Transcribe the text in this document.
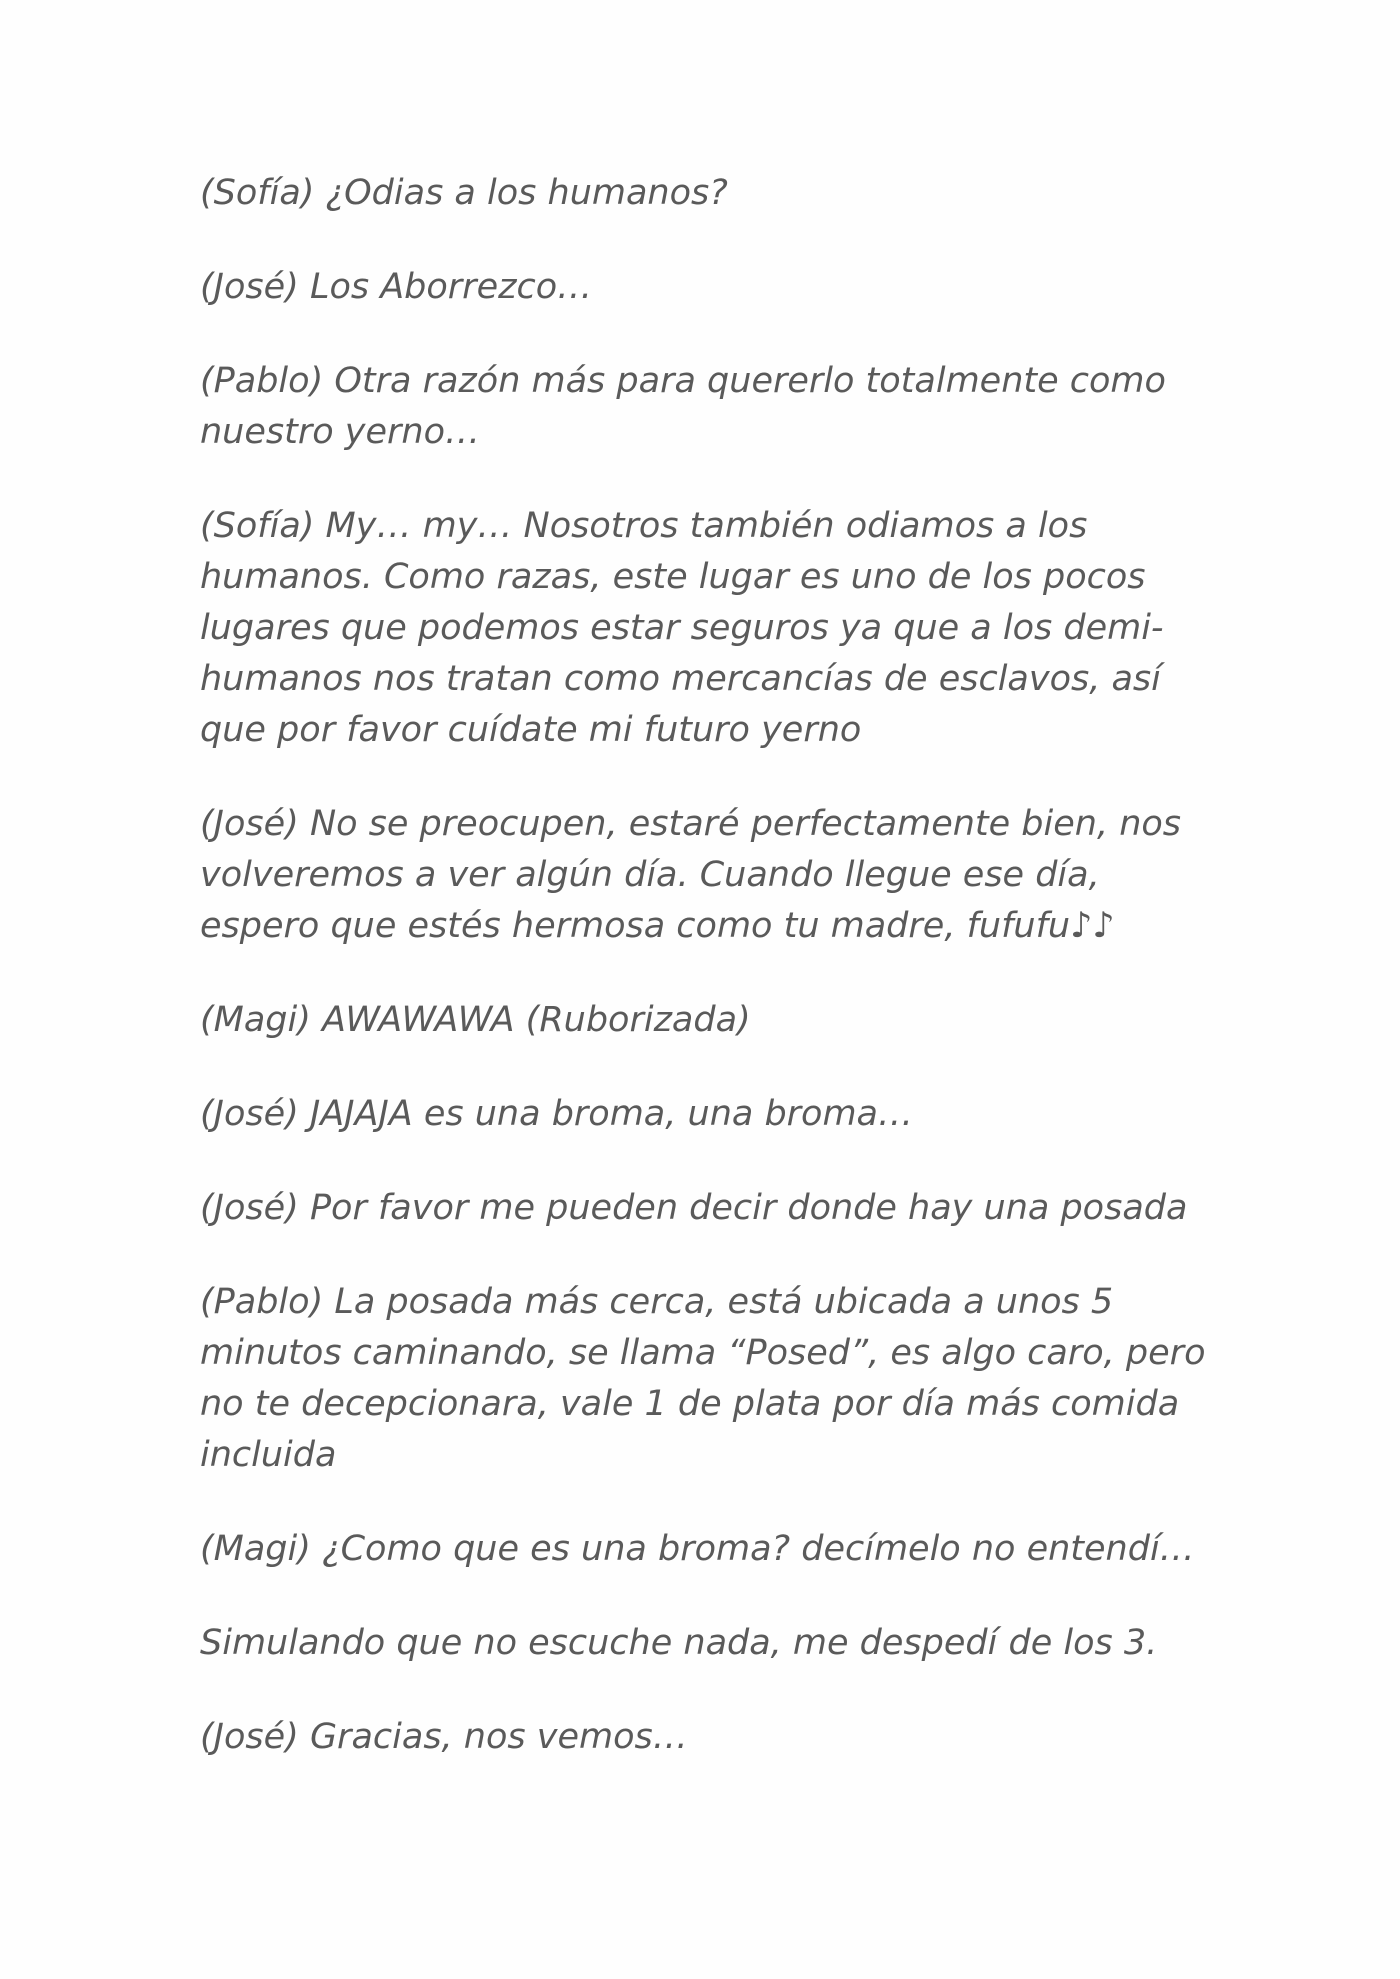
(Sofía) ¿Odias a los humanos?

(José) Los Aborrezco…

(Pablo) Otra razón más para quererlo totalmente como nuestro yerno…

(Sofía) My… my… Nosotros también odiamos a los humanos. Como razas, este lugar es uno de los pocos lugares que podemos estar seguros ya que a los demi-humanos nos tratan como mercancías de esclavos, así que por favor cuídate mi futuro yerno

(José) No se preocupen, estaré perfectamente bien, nos volveremos a ver algún día. Cuando llegue ese día, espero que estés hermosa como tu madre, fufufu♪♪

(Magi) AWAWAWA (Ruborizada)

(José) JAJAJA es una broma, una broma…

(José) Por favor me pueden decir donde hay una posada

(Pablo) La posada más cerca, está ubicada a unos 5 minutos caminando, se llama “Posed”, es algo caro, pero no te decepcionara, vale 1 de plata por día más comida incluida

(Magi) ¿Como que es una broma? decímelo no entendí…

Simulando que no escuche nada, me despedí de los 3.

(José) Gracias, nos vemos…
